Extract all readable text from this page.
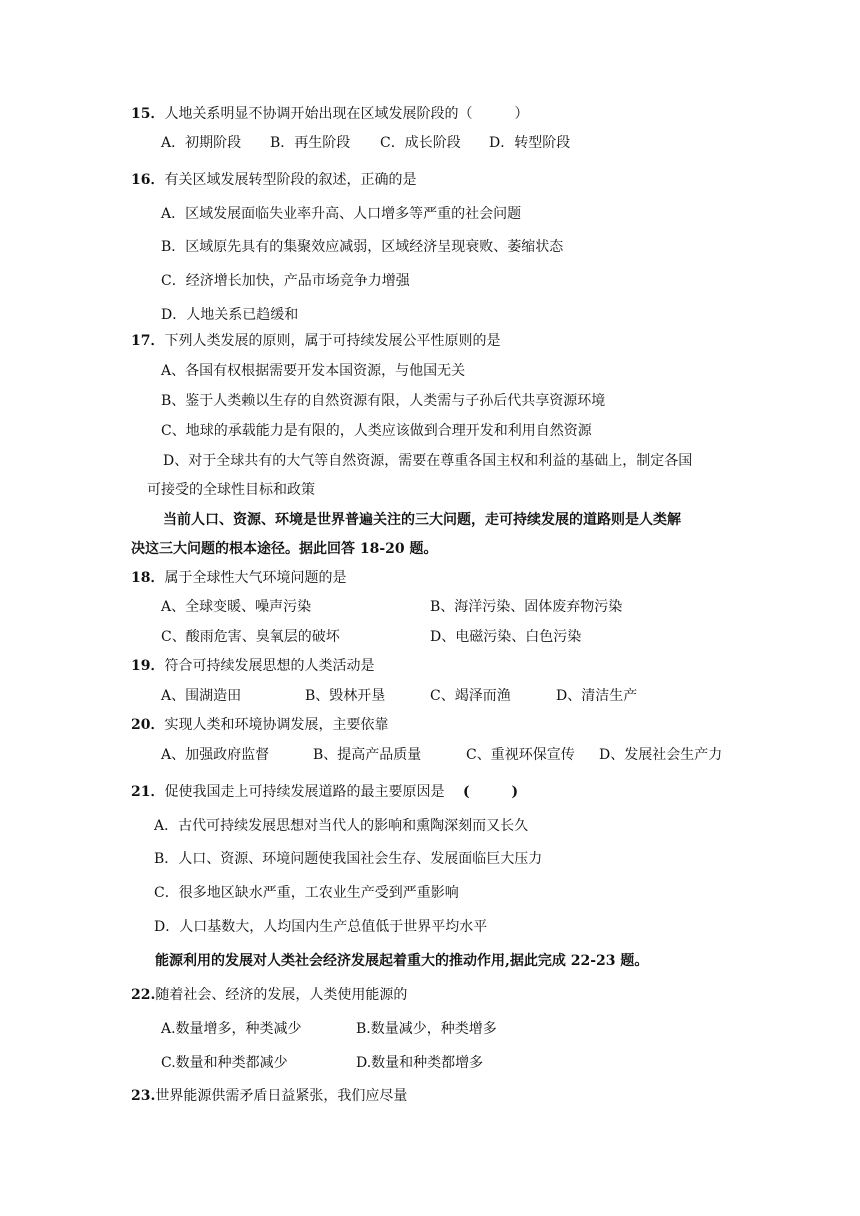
15．人地关系明显不协调开始出现在区域发展阶段的（　　　）
A．初期阶段 B．再生阶段 C．成长阶段 D．转型阶段
16．有关区域发展转型阶段的叙述，正确的是
A．区域发展面临失业率升高、人口增多等严重的社会问题
B．区域原先具有的集聚效应减弱，区域经济呈现衰败、萎缩状态
C．经济增长加快，产品市场竞争力增强
D．人地关系已趋缓和
17．下列人类发展的原则，属于可持续发展公平性原则的是
A、各国有权根据需要开发本国资源，与他国无关
B、鉴于人类赖以生存的自然资源有限，人类需与子孙后代共享资源环境
C、地球的承载能力是有限的，人类应该做到合理开发和利用自然资源
D、对于全球共有的大气等自然资源，需要在尊重各国主权和利益的基础上，制定各国
可接受的全球性目标和政策
当前人口、资源、环境是世界普遍关注的三大问题，走可持续发展的道路则是人类解
决这三大问题的根本途径。据此回答 18-20 题。
18．属于全球性大气环境问题的是
A、全球变暖、噪声污染	B、海洋污染、固体废弃物污染
C、酸雨危害、臭氧层的破坏	D、电磁污染、白色污染
19．符合可持续发展思想的人类活动是
A、围湖造田	B、毁林开垦	C、竭泽而渔	D、清洁生产
20．实现人类和环境协调发展，主要依靠
A、加强政府监督	B、提高产品质量	C、重视环保宣传 D、发展社会生产力
21．促使我国走上可持续发展道路的最主要原因是 (　　　)
A．古代可持续发展思想对当代人的影响和熏陶深刻而又长久
B．人口、资源、环境问题使我国社会生存、发展面临巨大压力
C．很多地区缺水严重，工农业生产受到严重影响
D．人口基数大，人均国内生产总值低于世界平均水平
能源利用的发展对人类社会经济发展起着重大的推动作用,据此完成 22-23 题。
22.随着社会、经济的发展，人类使用能源的
A.数量增多，种类减少	B.数量减少，种类增多
C.数量和种类都减少	D.数量和种类都增多
23.世界能源供需矛盾日益紧张，我们应尽量
